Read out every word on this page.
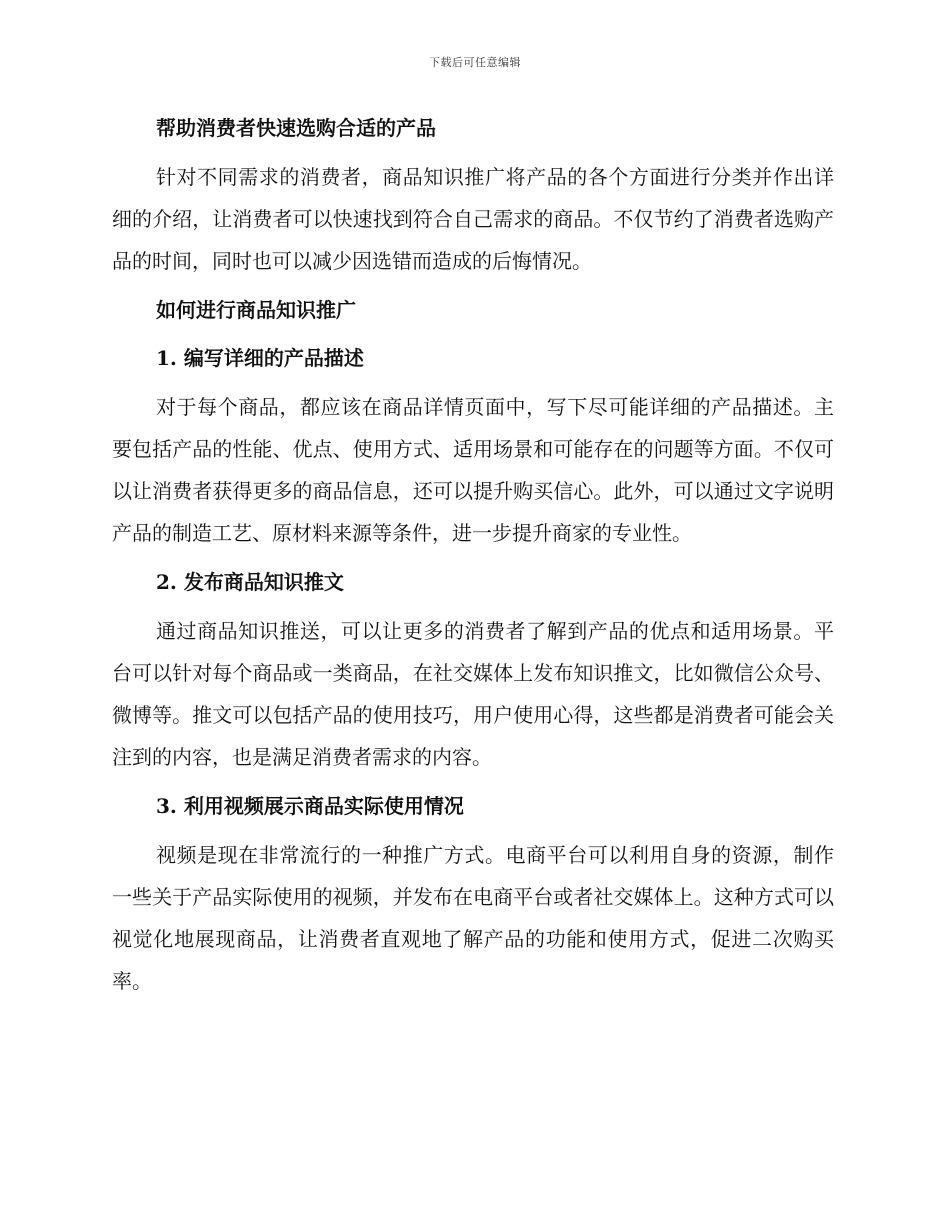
下载后可任意编辑
帮助消费者快速选购合适的产品
针对不同需求的消费者，商品知识推广将产品的各个方面进行分类并作出详细的介绍，让消费者可以快速找到符合自己需求的商品。不仅节约了消费者选购产品的时间，同时也可以减少因选错而造成的后悔情况。
如何进行商品知识推广
1. 编写详细的产品描述
对于每个商品，都应该在商品详情页面中，写下尽可能详细的产品描述。主要包括产品的性能、优点、使用方式、适用场景和可能存在的问题等方面。不仅可以让消费者获得更多的商品信息，还可以提升购买信心。此外，可以通过文字说明产品的制造工艺、原材料来源等条件，进一步提升商家的专业性。
2. 发布商品知识推文
通过商品知识推送，可以让更多的消费者了解到产品的优点和适用场景。平台可以针对每个商品或一类商品，在社交媒体上发布知识推文，比如微信公众号、微博等。推文可以包括产品的使用技巧，用户使用心得，这些都是消费者可能会关注到的内容，也是满足消费者需求的内容。
3. 利用视频展示商品实际使用情况
视频是现在非常流行的一种推广方式。电商平台可以利用自身的资源，制作一些关于产品实际使用的视频，并发布在电商平台或者社交媒体上。这种方式可以视觉化地展现商品，让消费者直观地了解产品的功能和使用方式，促进二次购买率。
